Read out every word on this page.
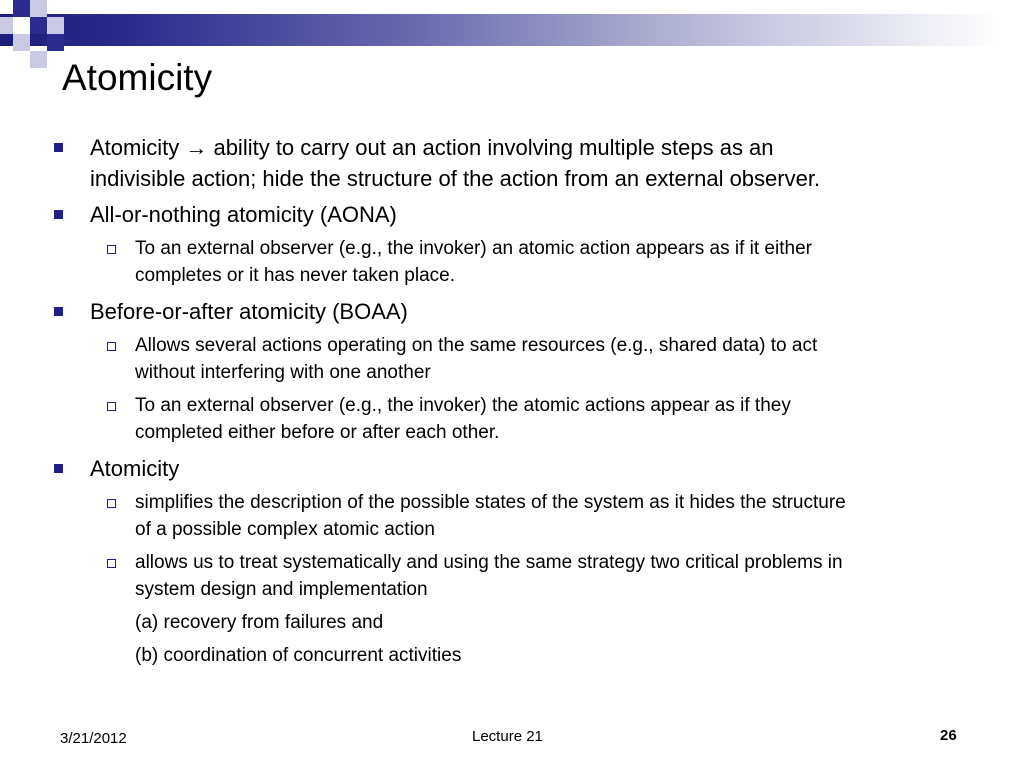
Atomicity
Atomicity → ability to carry out an action involving multiple steps as an
indivisible action; hide the structure of the action from an external observer.
All-or-nothing atomicity (AONA)
To an external observer (e.g., the invoker) an atomic action appears as if it either
completes or it has never taken place.
Before-or-after atomicity (BOAA)
Allows several actions operating on the same resources (e.g., shared data) to act
without interfering with one another
To an external observer (e.g., the invoker) the atomic actions appear as if they
completed either before or after each other.
Atomicity
simplifies the description of the possible states of the system as it hides the structure
of a possible complex atomic action
allows us to treat systematically and using the same strategy two critical problems in
system design and implementation
(a) recovery from failures and
(b) coordination of concurrent activities
3/21/2012	Lecture 21	26
